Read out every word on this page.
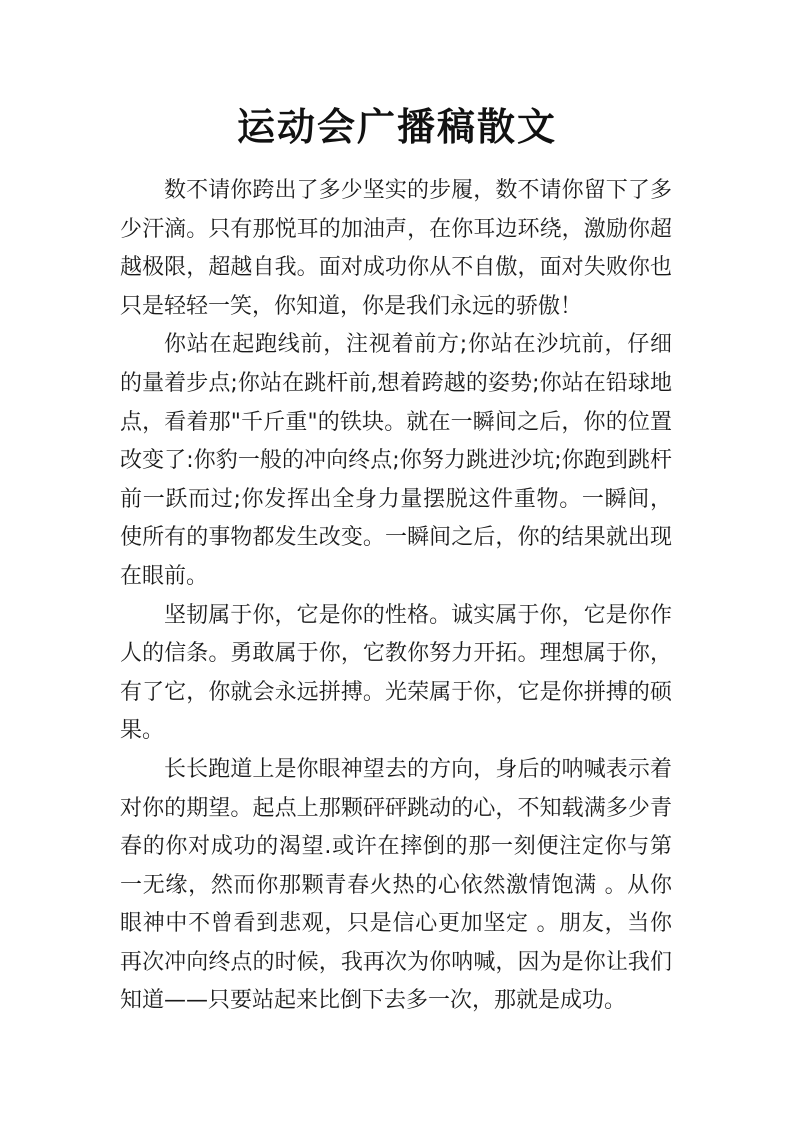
运动会广播稿散文

数不请你跨出了多少坚实的步履，数不请你留下了多少汗滴。只有那悦耳的加油声，在你耳边环绕，激励你超越极限，超越自我。面对成功你从不自傲，面对失败你也只是轻轻一笑，你知道，你是我们永远的骄傲！

你站在起跑线前，注视着前方;你站在沙坑前，仔细的量着步点;你站在跳杆前,想着跨越的姿势;你站在铅球地点，看着那"千斤重"的铁块。就在一瞬间之后，你的位置改变了:你豹一般的冲向终点;你努力跳进沙坑;你跑到跳杆前一跃而过;你发挥出全身力量摆脱这件重物。一瞬间，使所有的事物都发生改变。一瞬间之后，你的结果就出现在眼前。

坚韧属于你，它是你的性格。诚实属于你，它是你作人的信条。勇敢属于你，它教你努力开拓。理想属于你，有了它，你就会永远拼搏。光荣属于你，它是你拼搏的硕果。

长长跑道上是你眼神望去的方向，身后的呐喊表示着对你的期望。起点上那颗砰砰跳动的心，不知载满多少青春的你对成功的渴望.或许在摔倒的那一刻便注定你与第一无缘，然而你那颗青春火热的心依然激情饱满 。从你眼神中不曾看到悲观，只是信心更加坚定 。朋友，当你再次冲向终点的时候，我再次为你呐喊，因为是你让我们知道——只要站起来比倒下去多一次，那就是成功。
